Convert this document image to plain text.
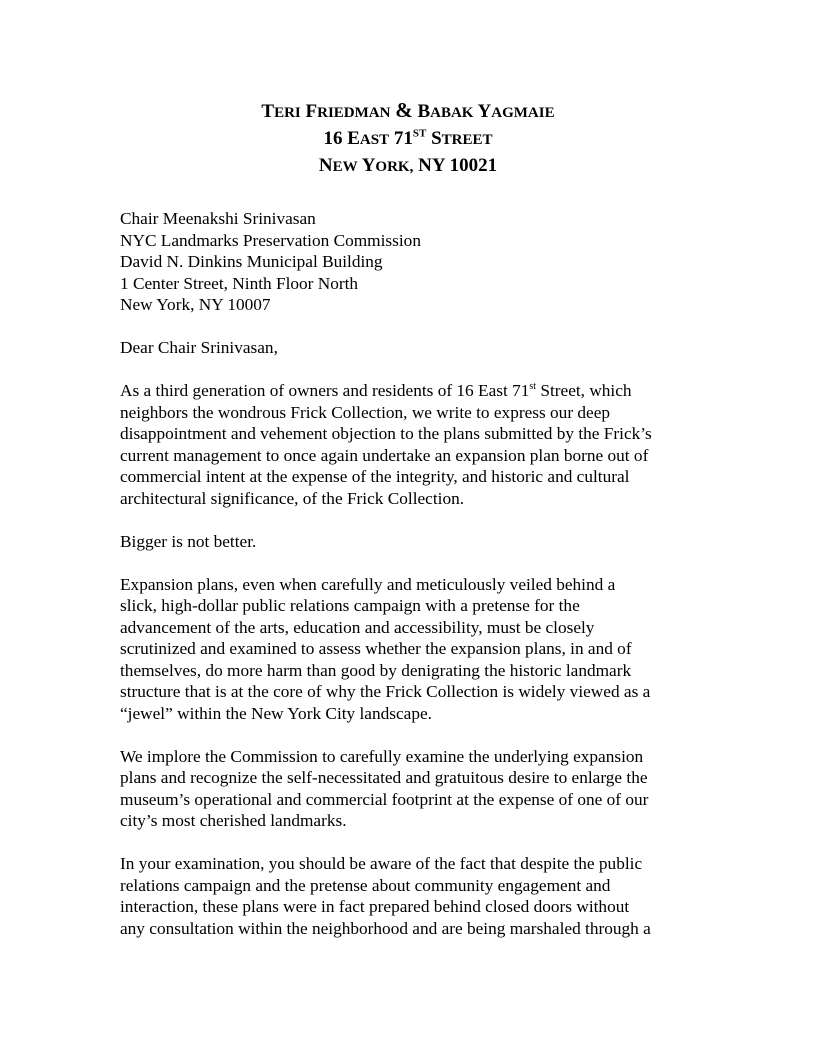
TERI FRIEDMAN & BABAK YAGMAIE
16 EAST 71ST STREET
NEW YORK, NY 10021
Chair Meenakshi Srinivasan
NYC Landmarks Preservation Commission
David N. Dinkins Municipal Building
1 Center Street, Ninth Floor North
New York, NY 10007
Dear Chair Srinivasan,
As a third generation of owners and residents of 16 East 71st Street, which
neighbors the wondrous Frick Collection, we write to express our deep
disappointment and vehement objection to the plans submitted by the Frick’s
current management to once again undertake an expansion plan borne out of
commercial intent at the expense of the integrity, and historic and cultural
architectural significance, of the Frick Collection.
Bigger is not better.
Expansion plans, even when carefully and meticulously veiled behind a
slick, high-dollar public relations campaign with a pretense for the
advancement of the arts, education and accessibility, must be closely
scrutinized and examined to assess whether the expansion plans, in and of
themselves, do more harm than good by denigrating the historic landmark
structure that is at the core of why the Frick Collection is widely viewed as a
“jewel” within the New York City landscape.
We implore the Commission to carefully examine the underlying expansion
plans and recognize the self-necessitated and gratuitous desire to enlarge the
museum’s operational and commercial footprint at the expense of one of our
city’s most cherished landmarks.
In your examination, you should be aware of the fact that despite the public
relations campaign and the pretense about community engagement and
interaction, these plans were in fact prepared behind closed doors without
any consultation within the neighborhood and are being marshaled through a
